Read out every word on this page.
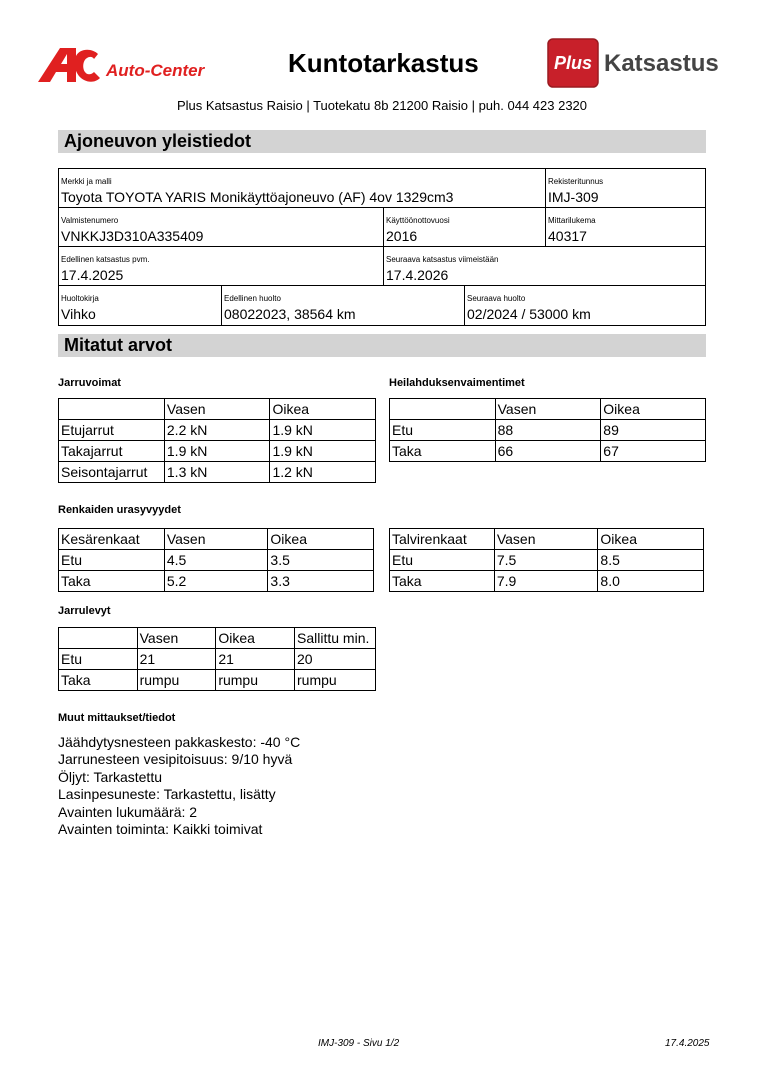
Auto-Center	Kuntotarkastus	Plus Katsastus
Plus Katsastus Raisio | Tuotekatu 8b 21200 Raisio | puh. 044 423 2320
Ajoneuvon yleistiedot
Merkki ja malli
Toyota TOYOTA YARIS Monikäyttöajoneuvo (AF) 4ov 1329cm3
Rekisteritunnus
IMJ-309
Valmistenumero
VNKKJ3D310A335409
Käyttöönottovuosi
2016
Mittarilukema
40317
Edellinen katsastus pvm.
17.4.2025
Seuraava katsastus viimeistään
17.4.2026
Huoltokirja
Vihko
Edellinen huolto
08022023, 38564 km
Seuraava huolto
02/2024 / 53000 km
Mitatut arvot
Jarruvoimat	Heilahduksenvaimentimet
	Vasen	Oikea
Etujarrut	2.2 kN	1.9 kN
Takajarrut	1.9 kN	1.9 kN
Seisontajarrut	1.3 kN	1.2 kN
	Vasen	Oikea
Etu	88	89
Taka	66	67
Renkaiden urasyvyydet
Kesärenkaat	Vasen	Oikea
Etu	4.5	3.5
Taka	5.2	3.3
Talvirenkaat	Vasen	Oikea
Etu	7.5	8.5
Taka	7.9	8.0
Jarrulevyt
	Vasen	Oikea	Sallittu min.
Etu	21	21	20
Taka	rumpu	rumpu	rumpu
Muut mittaukset/tiedot
Jäähdytysnesteen pakkaskesto: -40 °C
Jarrunesteen vesipitoisuus: 9/10 hyvä
Öljyt: Tarkastettu
Lasinpesuneste: Tarkastettu, lisätty
Avainten lukumäärä: 2
Avainten toiminta: Kaikki toimivat
IMJ-309 - Sivu 1/2	17.4.2025
